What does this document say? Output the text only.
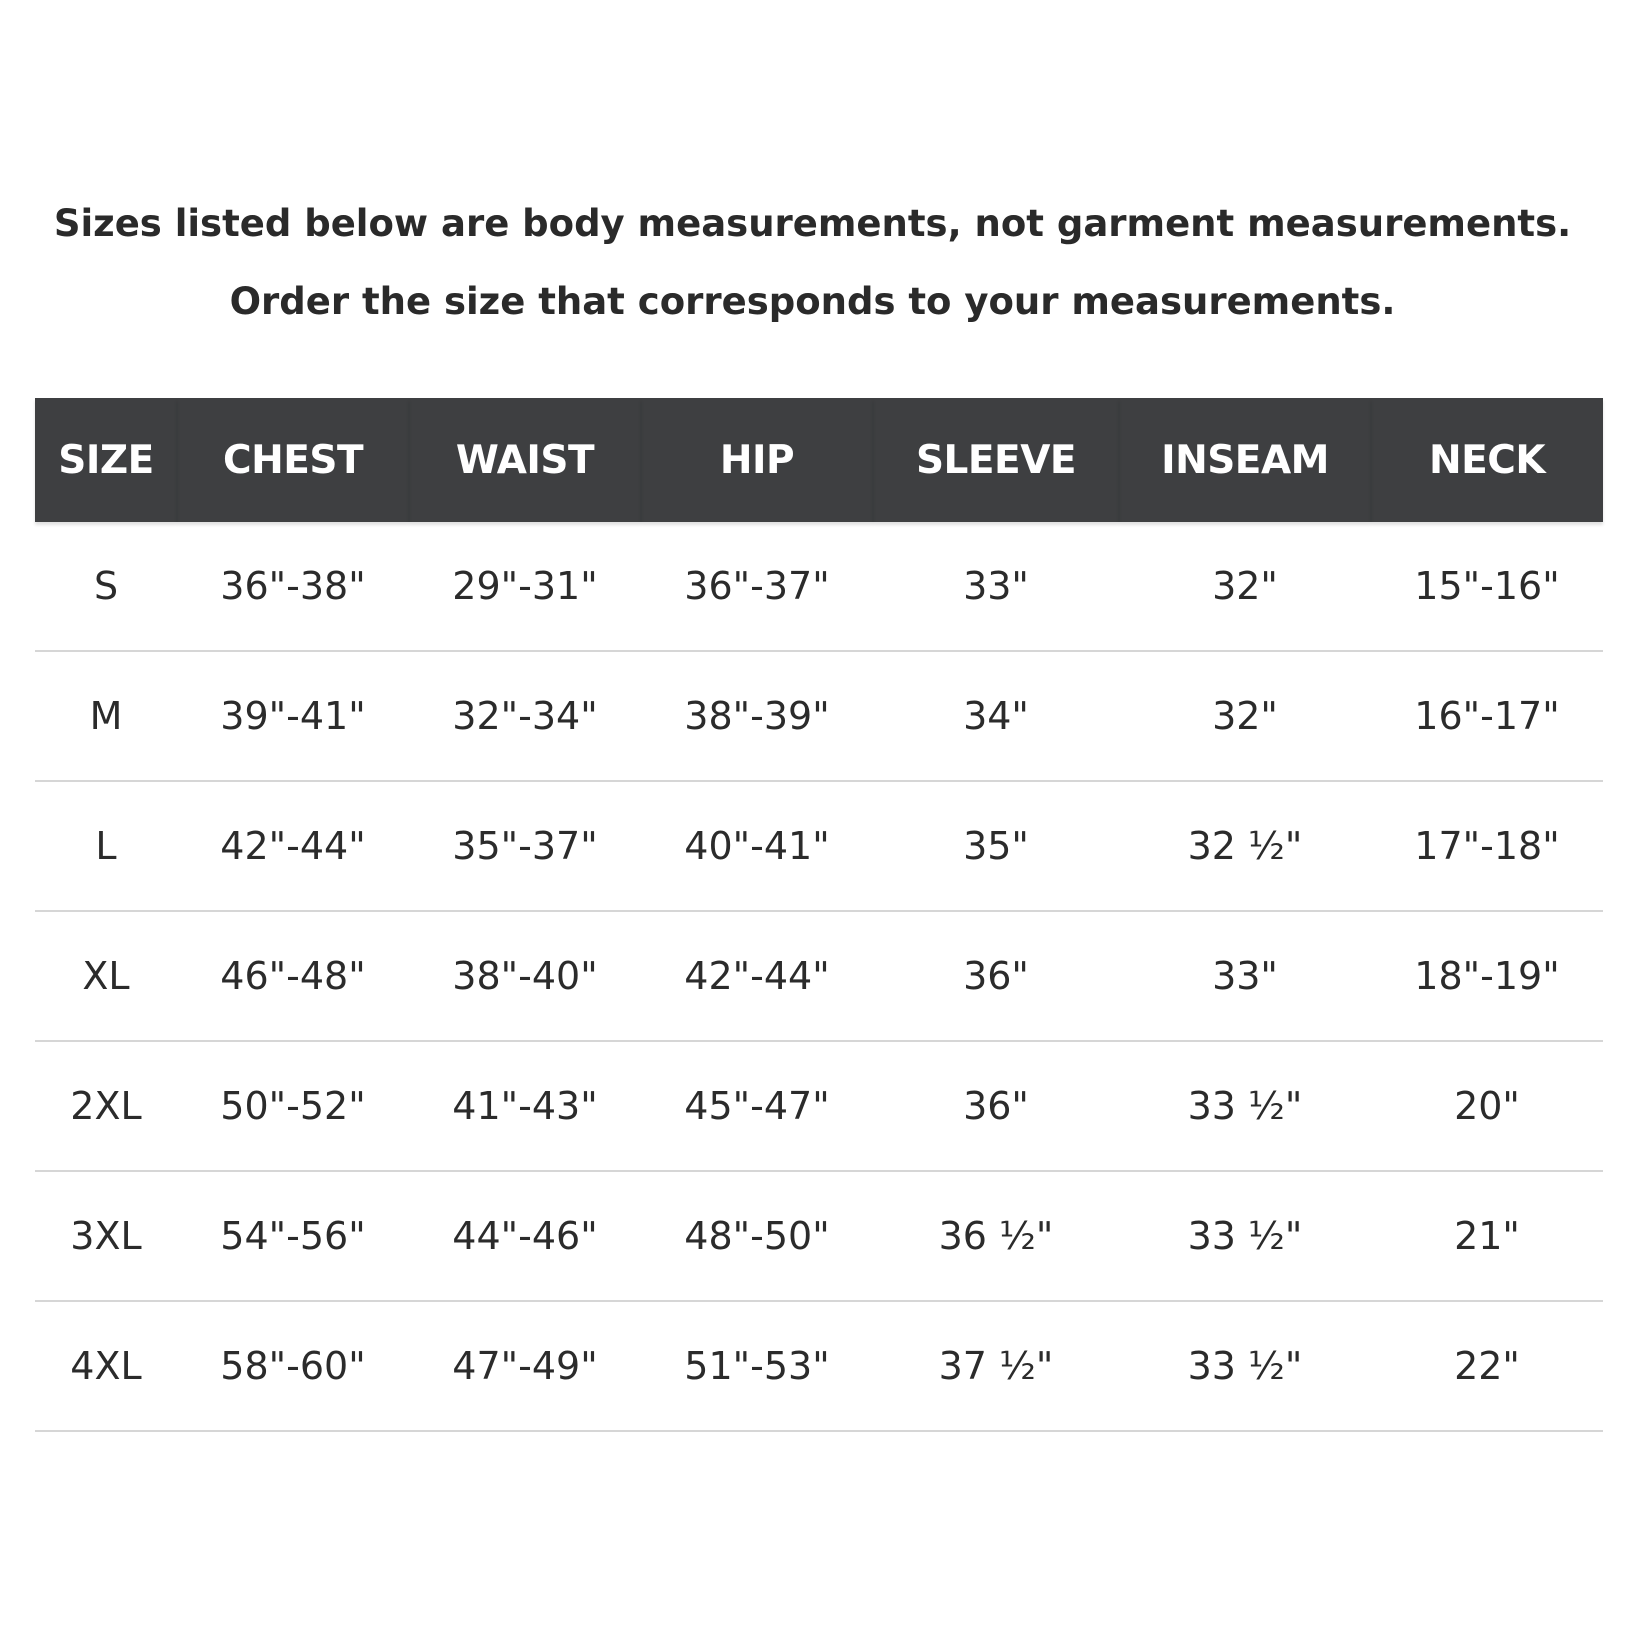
Sizes listed below are body measurements, not garment measurements.
Order the size that corresponds to your measurements.
SIZE	CHEST	WAIST	HIP	SLEEVE	INSEAM	NECK
S	36"-38"	29"-31"	36"-37"	33"	32"	15"-16"
M	39"-41"	32"-34"	38"-39"	34"	32"	16"-17"
L	42"-44"	35"-37"	40"-41"	35"	32 ½"	17"-18"
XL	46"-48"	38"-40"	42"-44"	36"	33"	18"-19"
2XL	50"-52"	41"-43"	45"-47"	36"	33 ½"	20"
3XL	54"-56"	44"-46"	48"-50"	36 ½"	33 ½"	21"
4XL	58"-60"	47"-49"	51"-53"	37 ½"	33 ½"	22"
